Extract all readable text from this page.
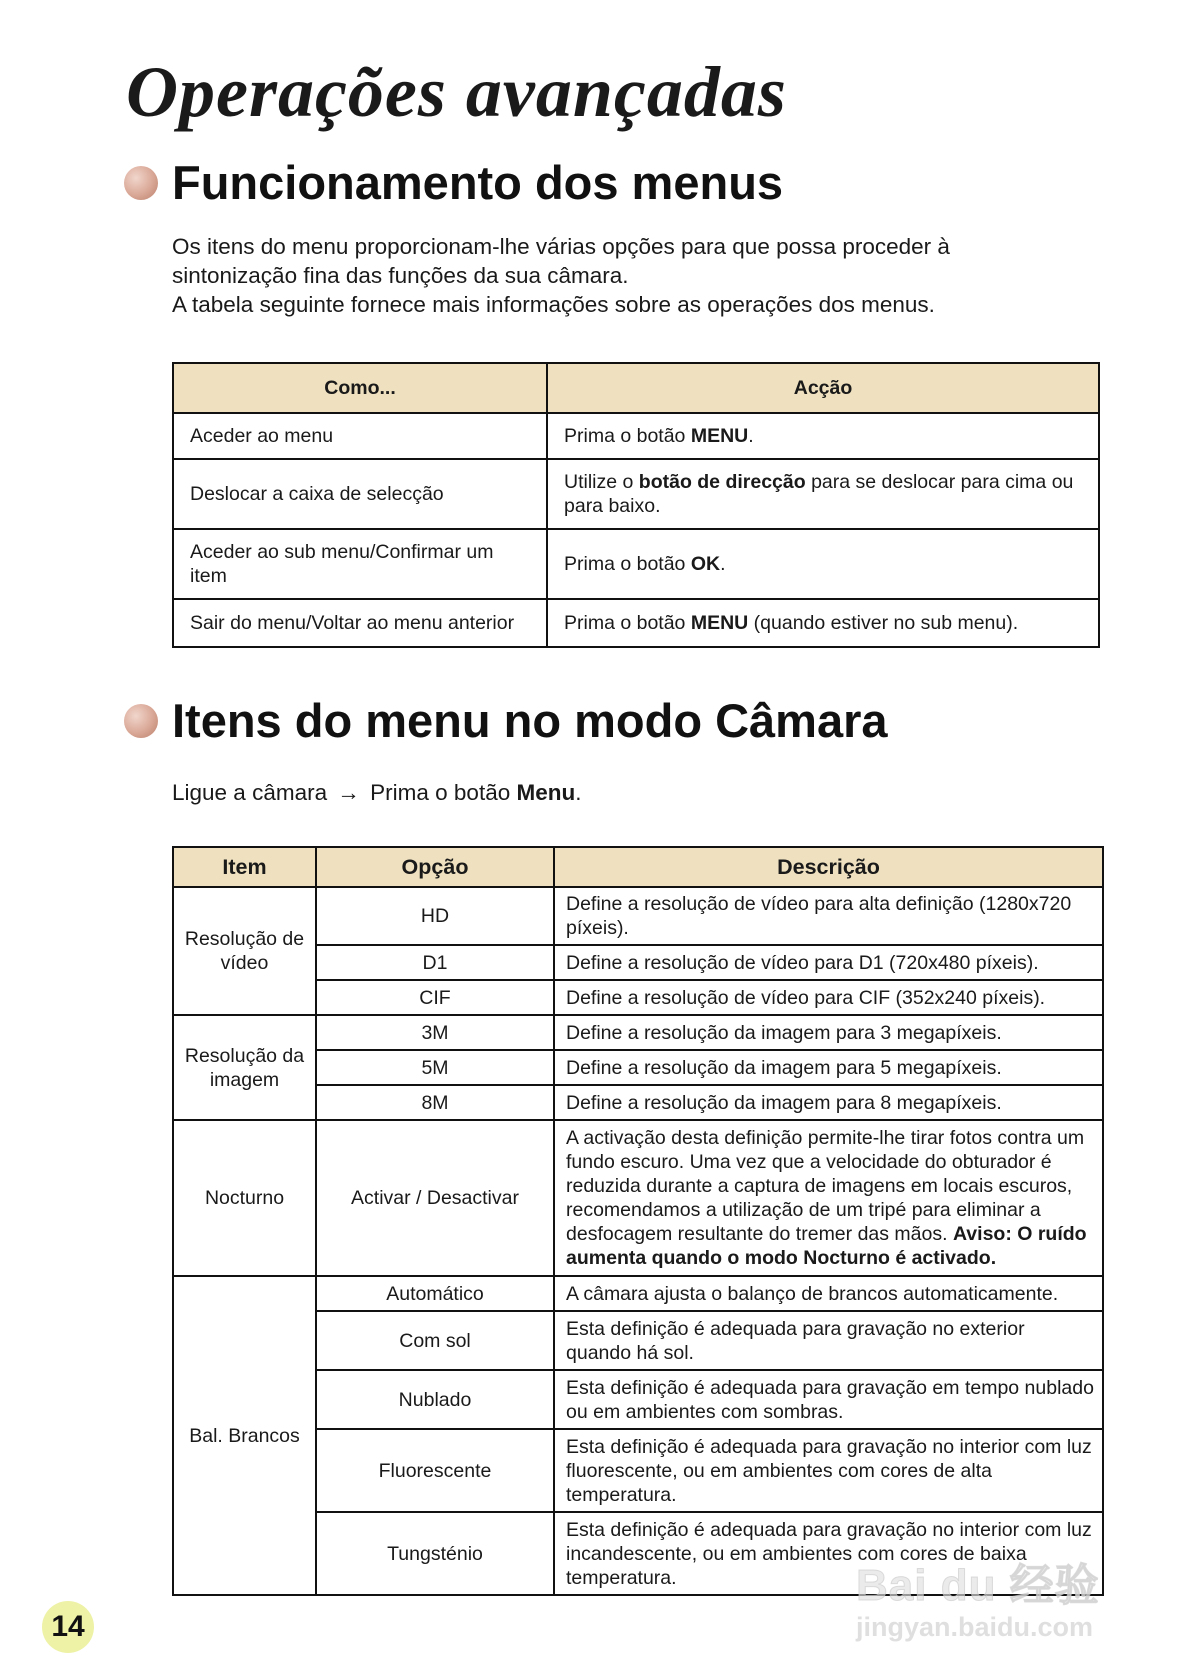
Operações avançadas
Funcionamento dos menus

Os itens do menu proporcionam-lhe várias opções para que possa proceder à

sintonização fina das funções da sua câmara.

A tabela seguinte fornece mais informações sobre as operações dos menus.

Como...	Acção
Aceder ao menu	Prima o botão MENU.
Deslocar a caixa de selecção	Utilize o botão de direcção para se deslocar para cima ou para baixo.
Aceder ao sub menu/Confirmar um item	Prima o botão OK.
Sair do menu/Voltar ao menu anterior	Prima o botão MENU (quando estiver no sub menu).
Itens do menu no modo Câmara
Ligue a câmara → Prima o botão Menu.
Item	Opção	Descrição
Resolução de vídeo	HD	Define a resolução de vídeo para alta definição (1280x720 píxeis).
	D1	Define a resolução de vídeo para D1 (720x480 píxeis).
	CIF	Define a resolução de vídeo para CIF (352x240 píxeis).
Resolução da imagem	3M	Define a resolução da imagem para 3 megapíxeis.
	5M	Define a resolução da imagem para 5 megapíxeis.
	8M	Define a resolução da imagem para 8 megapíxeis.
Nocturno	Activar / Desactivar	A activação desta definição permite-lhe tirar fotos contra um fundo escuro. Uma vez que a velocidade do obturador é reduzida durante a captura de imagens em locais escuros, recomendamos a utilização de um tripé para eliminar a desfocagem resultante do tremer das mãos. Aviso: O ruído aumenta quando o modo Nocturno é activado.
Bal. Brancos	Automático	A câmara ajusta o balanço de brancos automaticamente.
	Com sol	Esta definição é adequada para gravação no exterior quando há sol.
	Nublado	Esta definição é adequada para gravação em tempo nublado ou em ambientes com sombras.
	Fluorescente	Esta definição é adequada para gravação no interior com luz fluorescente, ou em ambientes com cores de alta temperatura.
	Tungsténio	Esta definição é adequada para gravação no interior com luz incandescente, ou em ambientes com cores de baixa temperatura.
14
Bai du 经验
jingyan.baidu.com
